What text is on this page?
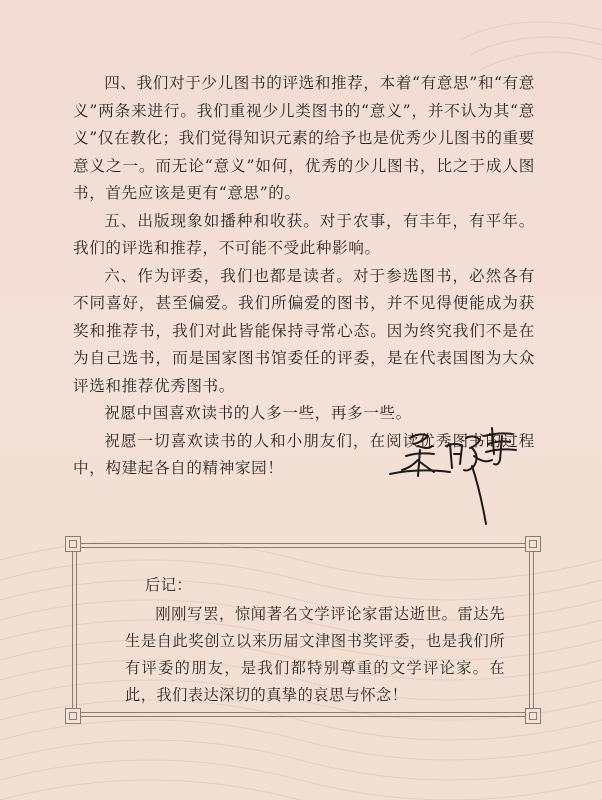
四、我们对于少儿图书的评选和推荐，本着“有意思”和“有意义”两条来进行。我们重视少儿类图书的“意义”，并不认为其“意义”仅在教化；我们觉得知识元素的给予也是优秀少儿图书的重要意义之一。而无论“意义”如何，优秀的少儿图书，比之于成人图书，首先应该是更有“意思”的。

五、出版现象如播种和收获。对于农事，有丰年，有平年。我们的评选和推荐，不可能不受此种影响。

六、作为评委，我们也都是读者。对于参选图书，必然各有不同喜好，甚至偏爱。我们所偏爱的图书，并不见得便能成为获奖和推荐书，我们对此皆能保持寻常心态。因为终究我们不是在为自己选书，而是国家图书馆委任的评委，是在代表国图为大众评选和推荐优秀图书。

祝愿中国喜欢读书的人多一些，再多一些。

祝愿一切喜欢读书的人和小朋友们，在阅读优秀图书的过程中，构建起各自的精神家园！

后记：

刚刚写罢，惊闻著名文学评论家雷达逝世。雷达先生是自此奖创立以来历届文津图书奖评委，也是我们所有评委的朋友，是我们都特别尊重的文学评论家。在此，我们表达深切的真挚的哀思与怀念！
